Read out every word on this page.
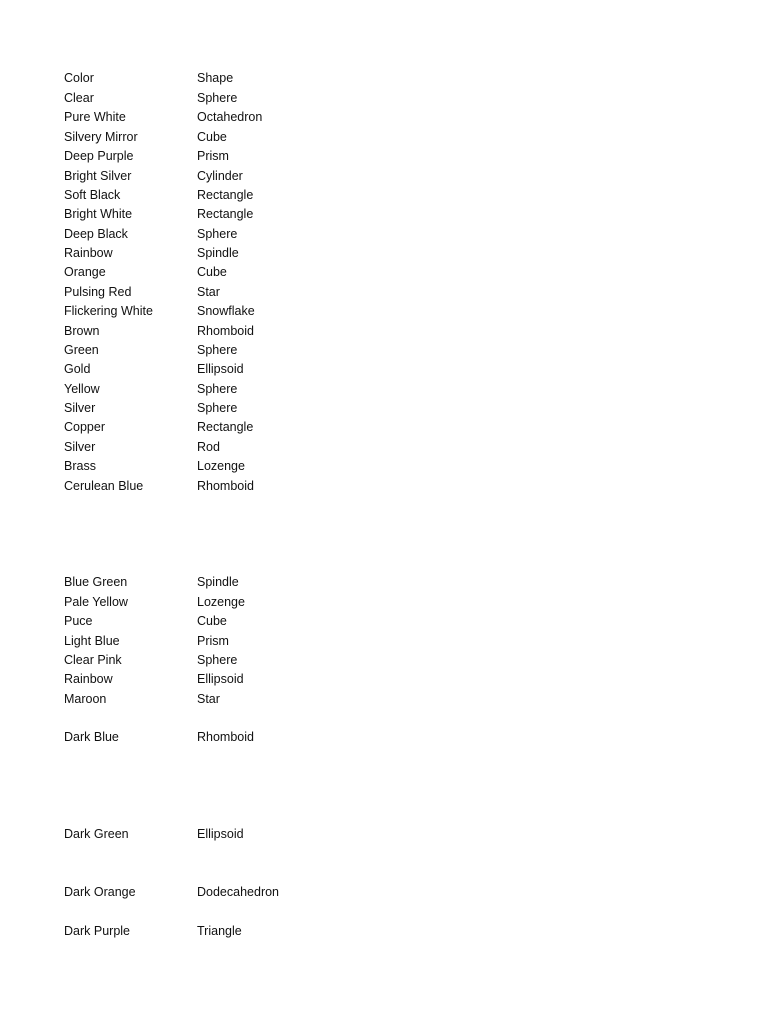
Color	Shape
Clear	Sphere
Pure White	Octahedron
Silvery Mirror	Cube
Deep Purple	Prism
Bright Silver	Cylinder
Soft Black	Rectangle
Bright White	Rectangle
Deep Black	Sphere
Rainbow	Spindle
Orange	Cube
Pulsing Red	Star
Flickering White	Snowflake
Brown	Rhomboid
Green	Sphere
Gold	Ellipsoid
Yellow	Sphere
Silver	Sphere
Copper	Rectangle
Silver	Rod
Brass	Lozenge
Cerulean Blue	Rhomboid
Blue Green	Spindle
Pale Yellow	Lozenge
Puce	Cube
Light Blue	Prism
Clear Pink	Sphere
Rainbow	Ellipsoid
Maroon	Star
Dark Blue	Rhomboid
Dark Green	Ellipsoid
Dark Orange	Dodecahedron
Dark Purple	Triangle
